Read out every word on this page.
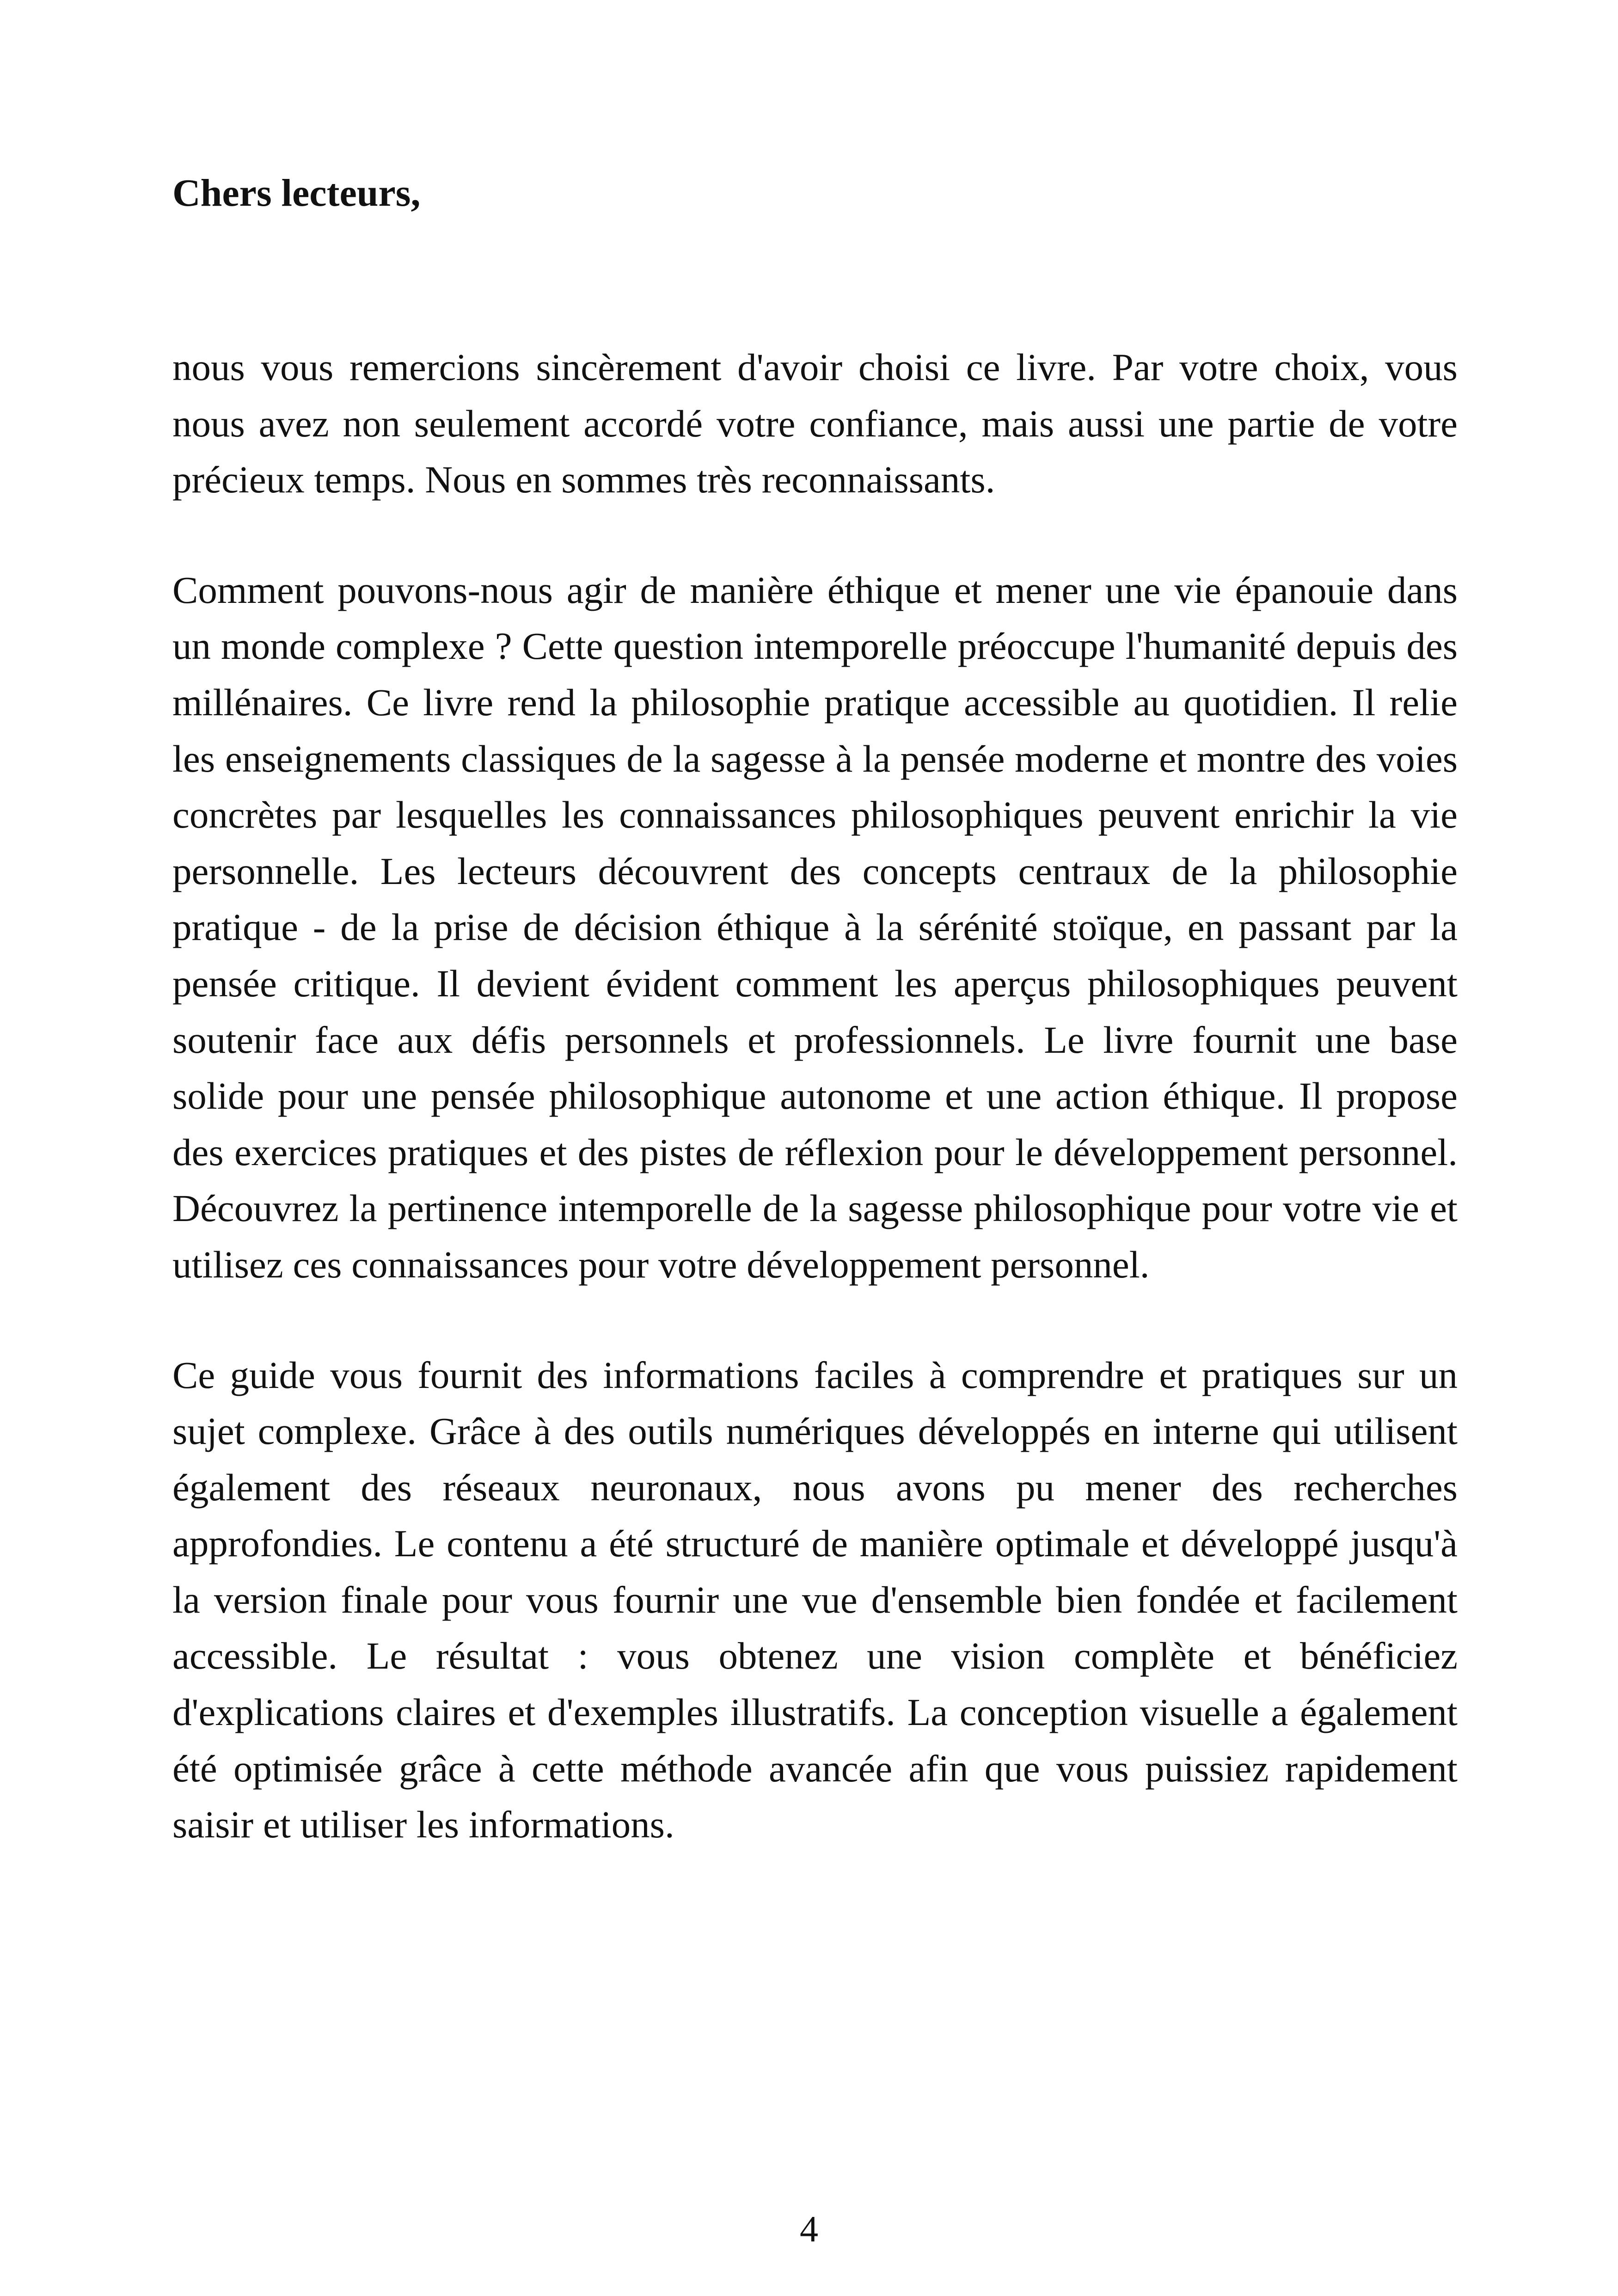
Chers lecteurs,

nous vous remercions sincèrement d'avoir choisi ce livre. Par votre choix, vous nous avez non seulement accordé votre confiance, mais aussi une partie de votre précieux temps. Nous en sommes très reconnaissants.

Comment pouvons-nous agir de manière éthique et mener une vie épanouie dans un monde complexe ? Cette question intemporelle préoccupe l'humanité depuis des millénaires. Ce livre rend la philosophie pratique accessible au quotidien. Il relie les enseignements classiques de la sagesse à la pensée moderne et montre des voies concrètes par lesquelles les connaissances philosophiques peuvent enrichir la vie personnelle. Les lecteurs découvrent des concepts centraux de la philosophie pratique - de la prise de décision éthique à la sérénité stoïque, en passant par la pensée critique. Il devient évident comment les aperçus philosophiques peuvent soutenir face aux défis personnels et professionnels. Le livre fournit une base solide pour une pensée philosophique autonome et une action éthique. Il propose des exercices pratiques et des pistes de réflexion pour le développement personnel. Découvrez la pertinence intemporelle de la sagesse philosophique pour votre vie et utilisez ces connaissances pour votre développement personnel.

Ce guide vous fournit des informations faciles à comprendre et pratiques sur un sujet complexe. Grâce à des outils numériques développés en interne qui utilisent également des réseaux neuronaux, nous avons pu mener des recherches approfondies. Le contenu a été structuré de manière optimale et développé jusqu'à la version finale pour vous fournir une vue d'ensemble bien fondée et facilement accessible. Le résultat : vous obtenez une vision complète et bénéficiez d'explications claires et d'exemples illustratifs. La conception visuelle a également été optimisée grâce à cette méthode avancée afin que vous puissiez rapidement saisir et utiliser les informations.

4
